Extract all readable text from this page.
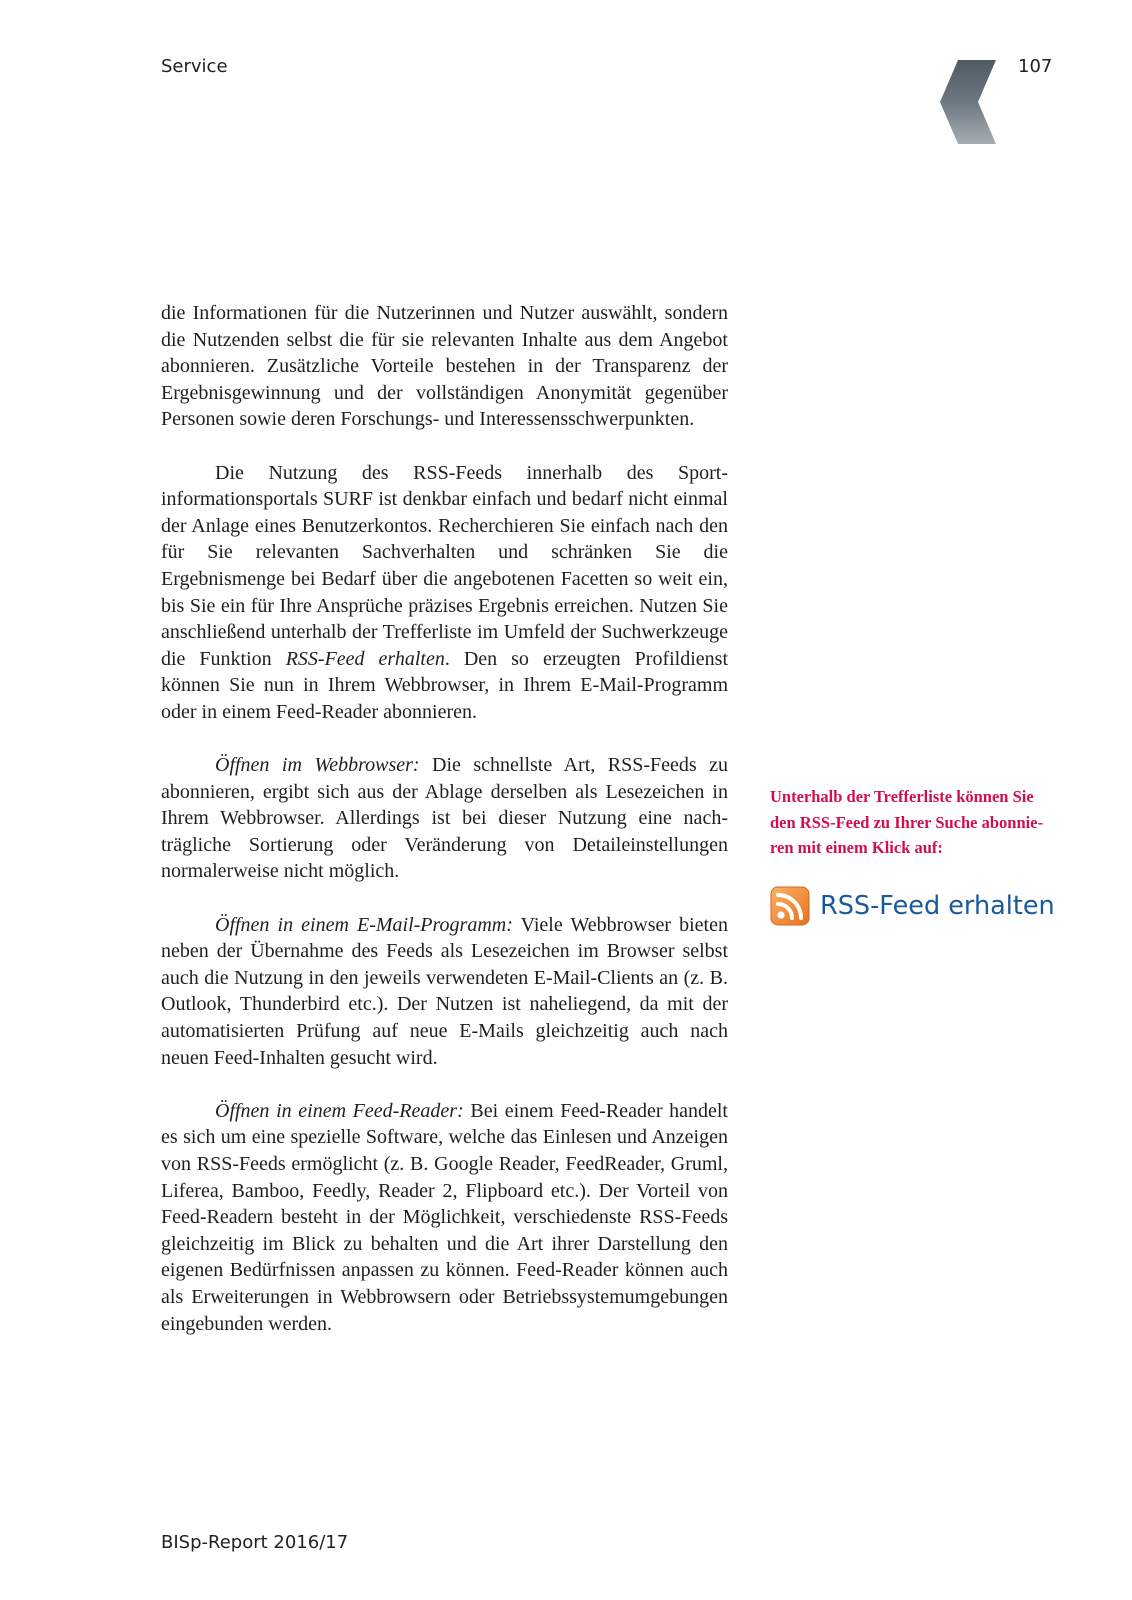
Service	107

die Informationen für die Nutzerinnen und Nutzer auswählt, sondern die Nutzenden selbst die für sie relevanten Inhalte aus dem Angebot abonnieren. Zusätzliche Vorteile bestehen in der Transparenz der Ergebnisgewinnung und der vollständigen Anonymität gegenüber Personen sowie deren Forschungs- und Interessensschwerpunkten.

Die Nutzung des RSS-Feeds innerhalb des Sportinformationsportals SURF ist denkbar einfach und bedarf nicht einmal der Anlage eines Benutzerkontos. Recherchieren Sie einfach nach den für Sie relevanten Sachverhalten und schränken Sie die Ergebnismenge bei Bedarf über die angebotenen Facetten so weit ein, bis Sie ein für Ihre Ansprüche präzises Ergebnis erreichen. Nutzen Sie anschließend unterhalb der Trefferliste im Umfeld der Suchwerkzeuge die Funktion RSS-Feed erhalten. Den so erzeugten Profildienst können Sie nun in Ihrem Webbrowser, in Ihrem E-Mail-Programm oder in einem Feed-Reader abonnieren.

Öffnen im Webbrowser: Die schnellste Art, RSS-Feeds zu abonnieren, ergibt sich aus der Ablage derselben als Lesezeichen in Ihrem Webbrowser. Allerdings ist bei dieser Nutzung eine nachträgliche Sortierung oder Veränderung von Detaileinstellungen normalerweise nicht möglich.

Öffnen in einem E-Mail-Programm: Viele Webbrowser bieten neben der Übernahme des Feeds als Lesezeichen im Browser selbst auch die Nutzung in den jeweils verwendeten E-Mail-Clients an (z. B. Outlook, Thunderbird etc.). Der Nutzen ist naheliegend, da mit der automatisierten Prüfung auf neue E-Mails gleichzeitig auch nach neuen Feed-Inhalten gesucht wird.

Öffnen in einem Feed-Reader: Bei einem Feed-Reader handelt es sich um eine spezielle Software, welche das Einlesen und Anzeigen von RSS-Feeds ermöglicht (z. B. Google Reader, FeedReader, Gruml, Liferea, Bamboo, Feedly, Reader 2, Flipboard etc.). Der Vorteil von Feed-Readern besteht in der Möglichkeit, verschiedenste RSS-Feeds gleichzeitig im Blick zu behalten und die Art ihrer Darstellung den eigenen Bedürfnissen anpassen zu können. Feed-Reader können auch als Erweiterungen in Webbrowsern oder Betriebssystemumgebungen eingebunden werden.

Unterhalb der Trefferliste können Sie den RSS-Feed zu Ihrer Suche abonnieren mit einem Klick auf:
RSS-Feed erhalten
BISp-Report 2016/17
